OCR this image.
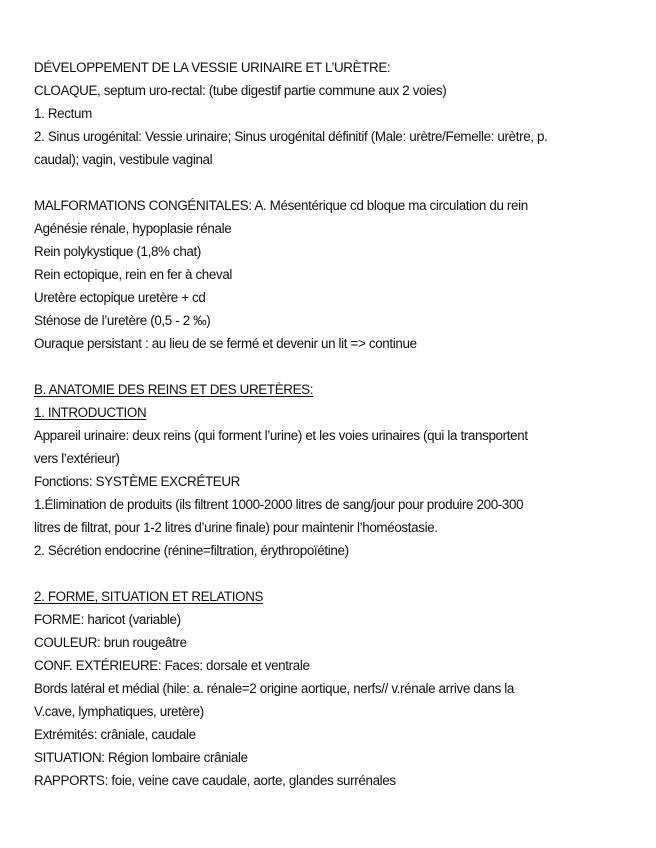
DÉVELOPPEMENT DE LA VESSIE URINAIRE ET L’URÈTRE:
CLOAQUE, septum uro-rectal: (tube digestif partie commune aux 2 voies)
1. Rectum
2. Sinus urogénital: Vessie urinaire; Sinus urogénital définitif (Male: urètre/Femelle: urètre, p.
caudal); vagin, vestibule vaginal
MALFORMATIONS CONGÉNITALES: A. Mésentérique cd bloque ma circulation du rein
Agénésie rénale, hypoplasie rénale
Rein polykystique (1,8% chat)
Rein ectopique, rein en fer à cheval
Uretère ectopique uretère + cd
Sténose de l’uretère (0,5 - 2 ‰)
Ouraque persistant : au lieu de se fermé et devenir un lit => continue
B. ANATOMIE DES REINS ET DES URETÈRES:
1. INTRODUCTION
Appareil urinaire: deux reins (qui forment l’urine) et les voies urinaires (qui la transportent
vers l’extérieur)
Fonctions: SYSTÈME EXCRÉTEUR
1.Élimination de produits (ils filtrent 1000-2000 litres de sang/jour pour produire 200-300
litres de filtrat, pour 1-2 litres d’urine finale) pour maintenir l’homéostasie.
2. Sécrétion endocrine (rénine=filtration, érythropoïétine)
2. FORME, SITUATION ET RELATIONS
FORME: haricot (variable)
COULEUR: brun rougeâtre
CONF. EXTÉRIEURE: Faces: dorsale et ventrale
Bords latéral et médial (hile: a. rénale=2 origine aortique, nerfs// v.rénale arrive dans la
V.cave, lymphatiques, uretère)
Extrémités: crâniale, caudale
SITUATION: Région lombaire crâniale
RAPPORTS: foie, veine cave caudale, aorte, glandes surrénales
